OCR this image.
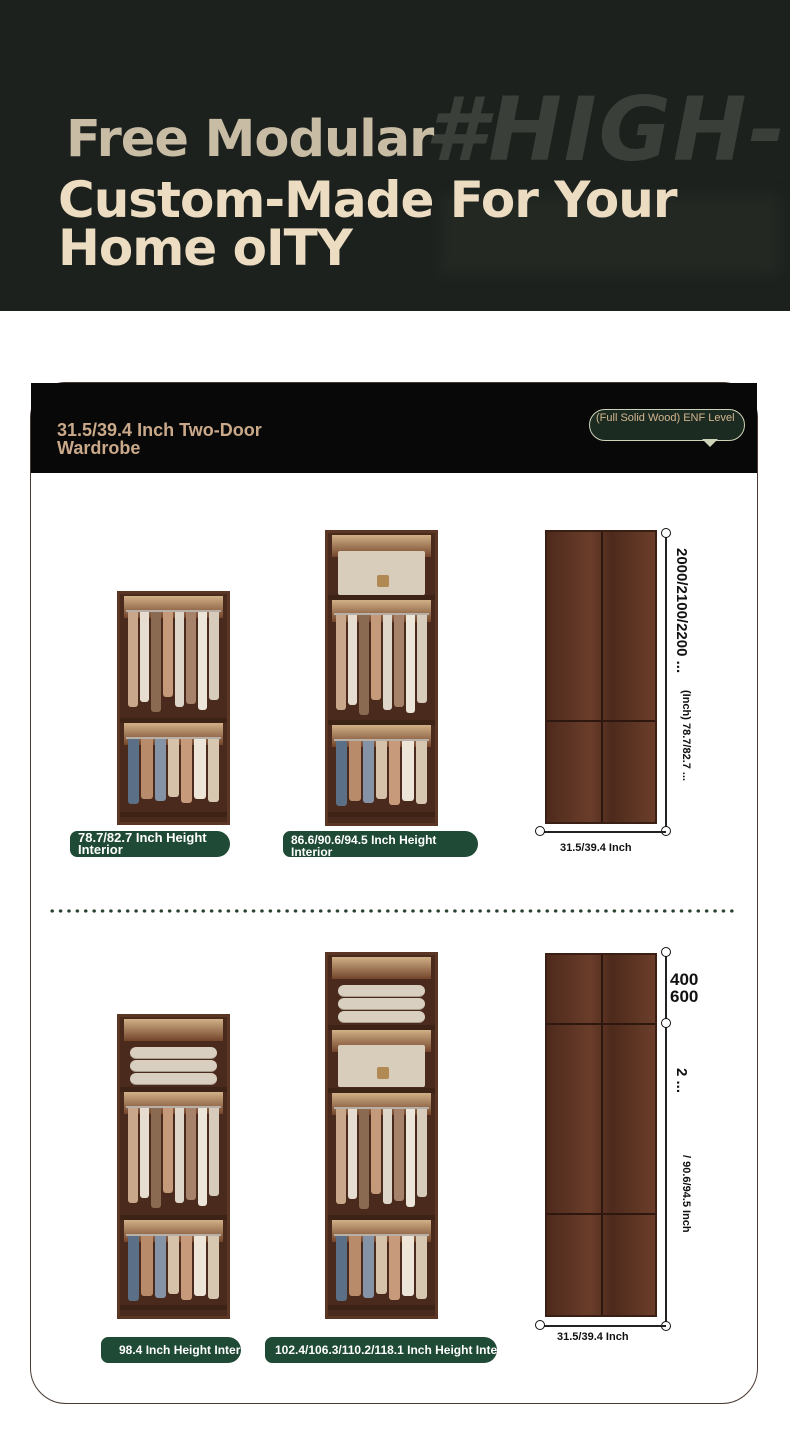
#HIGH-
Free Modular
Custom-Made For Your Home oITY
31.5/39.4 Inch Two-Door Wardrobe
(Full Solid Wood) ENF Level
2000/2100/2200 ...
(Inch) 78.7/82.7 ...
31.5/39.4 Inch
78.7/82.7 Inch Height Interior
86.6/90.6/94.5 Inch Height Interior
400
600
2 ...
/ 90.6/94.5 Inch
31.5/39.4 Inch
98.4 Inch Height Interior 102.4/106.3/110.2/118.1 Inch Height Interior
